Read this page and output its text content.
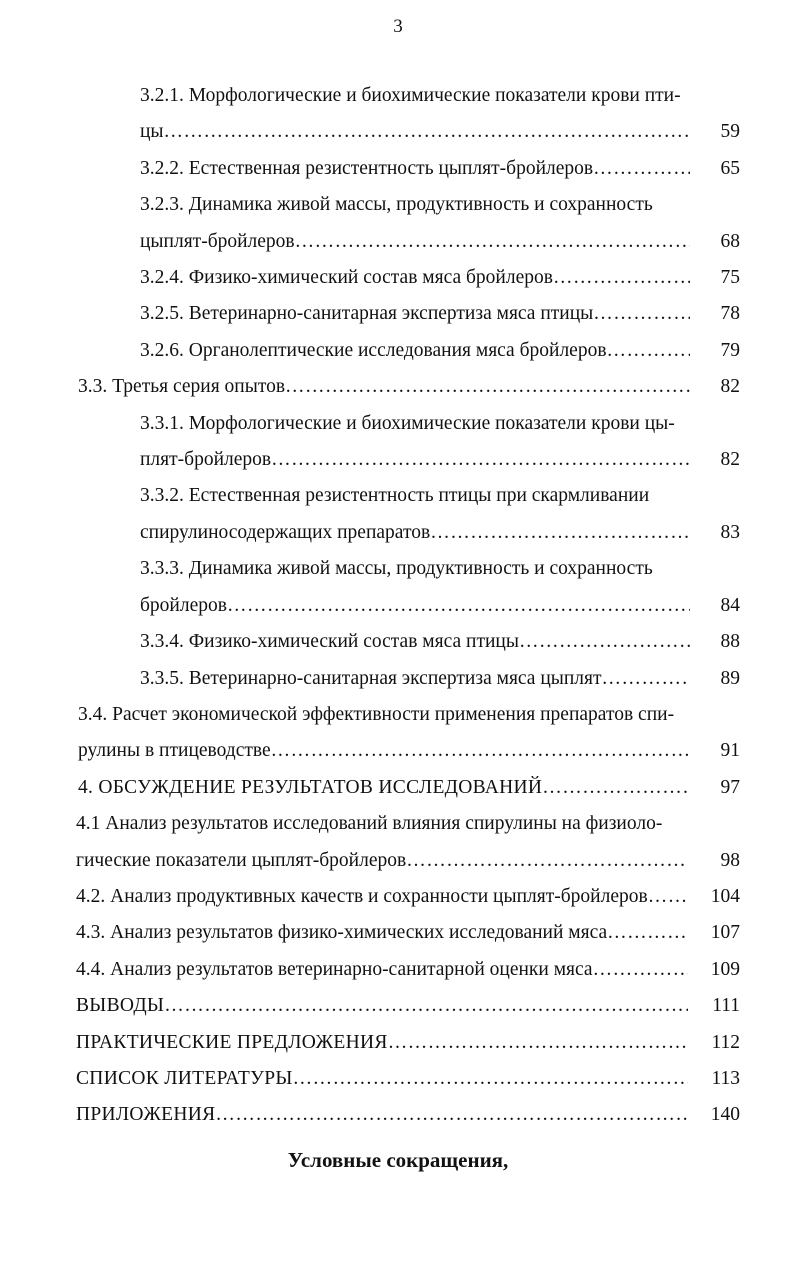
3
3.2.1. Морфологические и биохимические показатели крови пти-
цы ……………………………………………………………………………………………………………………………………………………………	59
3.2.2. Естественная резистентность цыплят-бройлеров ……………………………………………………………………………………………………………………………………………………………	65
3.2.3. Динамика живой массы, продуктивность и сохранность
цыплят-бройлеров ……………………………………………………………………………………………………………………………………………………………	68
3.2.4. Физико-химический состав мяса бройлеров ……………………………………………………………………………………………………………………………………………………………	75
3.2.5. Ветеринарно-санитарная экспертиза мяса птицы ……………………………………………………………………………………………………………………………………………………………	78
3.2.6. Органолептические исследования мяса бройлеров ……………………………………………………………………………………………………………………………………………………………	79
3.3. Третья серия опытов ……………………………………………………………………………………………………………………………………………………………	82
3.3.1. Морфологические и биохимические показатели крови цы-
плят-бройлеров ……………………………………………………………………………………………………………………………………………………………	82
3.3.2. Естественная резистентность птицы при скармливании
спирулиносодержащих препаратов ……………………………………………………………………………………………………………………………………………………………	83
3.3.3. Динамика живой массы, продуктивность и сохранность
бройлеров ……………………………………………………………………………………………………………………………………………………………	84
3.3.4. Физико-химический состав мяса птицы ……………………………………………………………………………………………………………………………………………………………	88
3.3.5. Ветеринарно-санитарная экспертиза мяса цыплят ……………………………………………………………………………………………………………………………………………………………	89
3.4. Расчет экономической эффективности применения препаратов спи-
рулины в птицеводстве ……………………………………………………………………………………………………………………………………………………………	91
4. ОБСУЖДЕНИЕ РЕЗУЛЬТАТОВ ИССЛЕДОВАНИЙ ……………………………………………………………………………………………………………………………………………………………	97
4.1 Анализ результатов исследований влияния спирулины на физиоло-
гические показатели цыплят-бройлеров ……………………………………………………………………………………………………………………………………………………………	98
4.2. Анализ продуктивных качеств и сохранности цыплят-бройлеров ……………………………………………………………………………………………………………………………………………………………	104
4.3. Анализ результатов физико-химических исследований мяса ……………………………………………………………………………………………………………………………………………………………	107
4.4. Анализ результатов ветеринарно-санитарной оценки мяса ……………………………………………………………………………………………………………………………………………………………	109
ВЫВОДЫ ……………………………………………………………………………………………………………………………………………………………	111
ПРАКТИЧЕСКИЕ ПРЕДЛОЖЕНИЯ ……………………………………………………………………………………………………………………………………………………………	112
СПИСОК ЛИТЕРАТУРЫ ……………………………………………………………………………………………………………………………………………………………	113
ПРИЛОЖЕНИЯ ……………………………………………………………………………………………………………………………………………………………	140
Условные сокращения,
